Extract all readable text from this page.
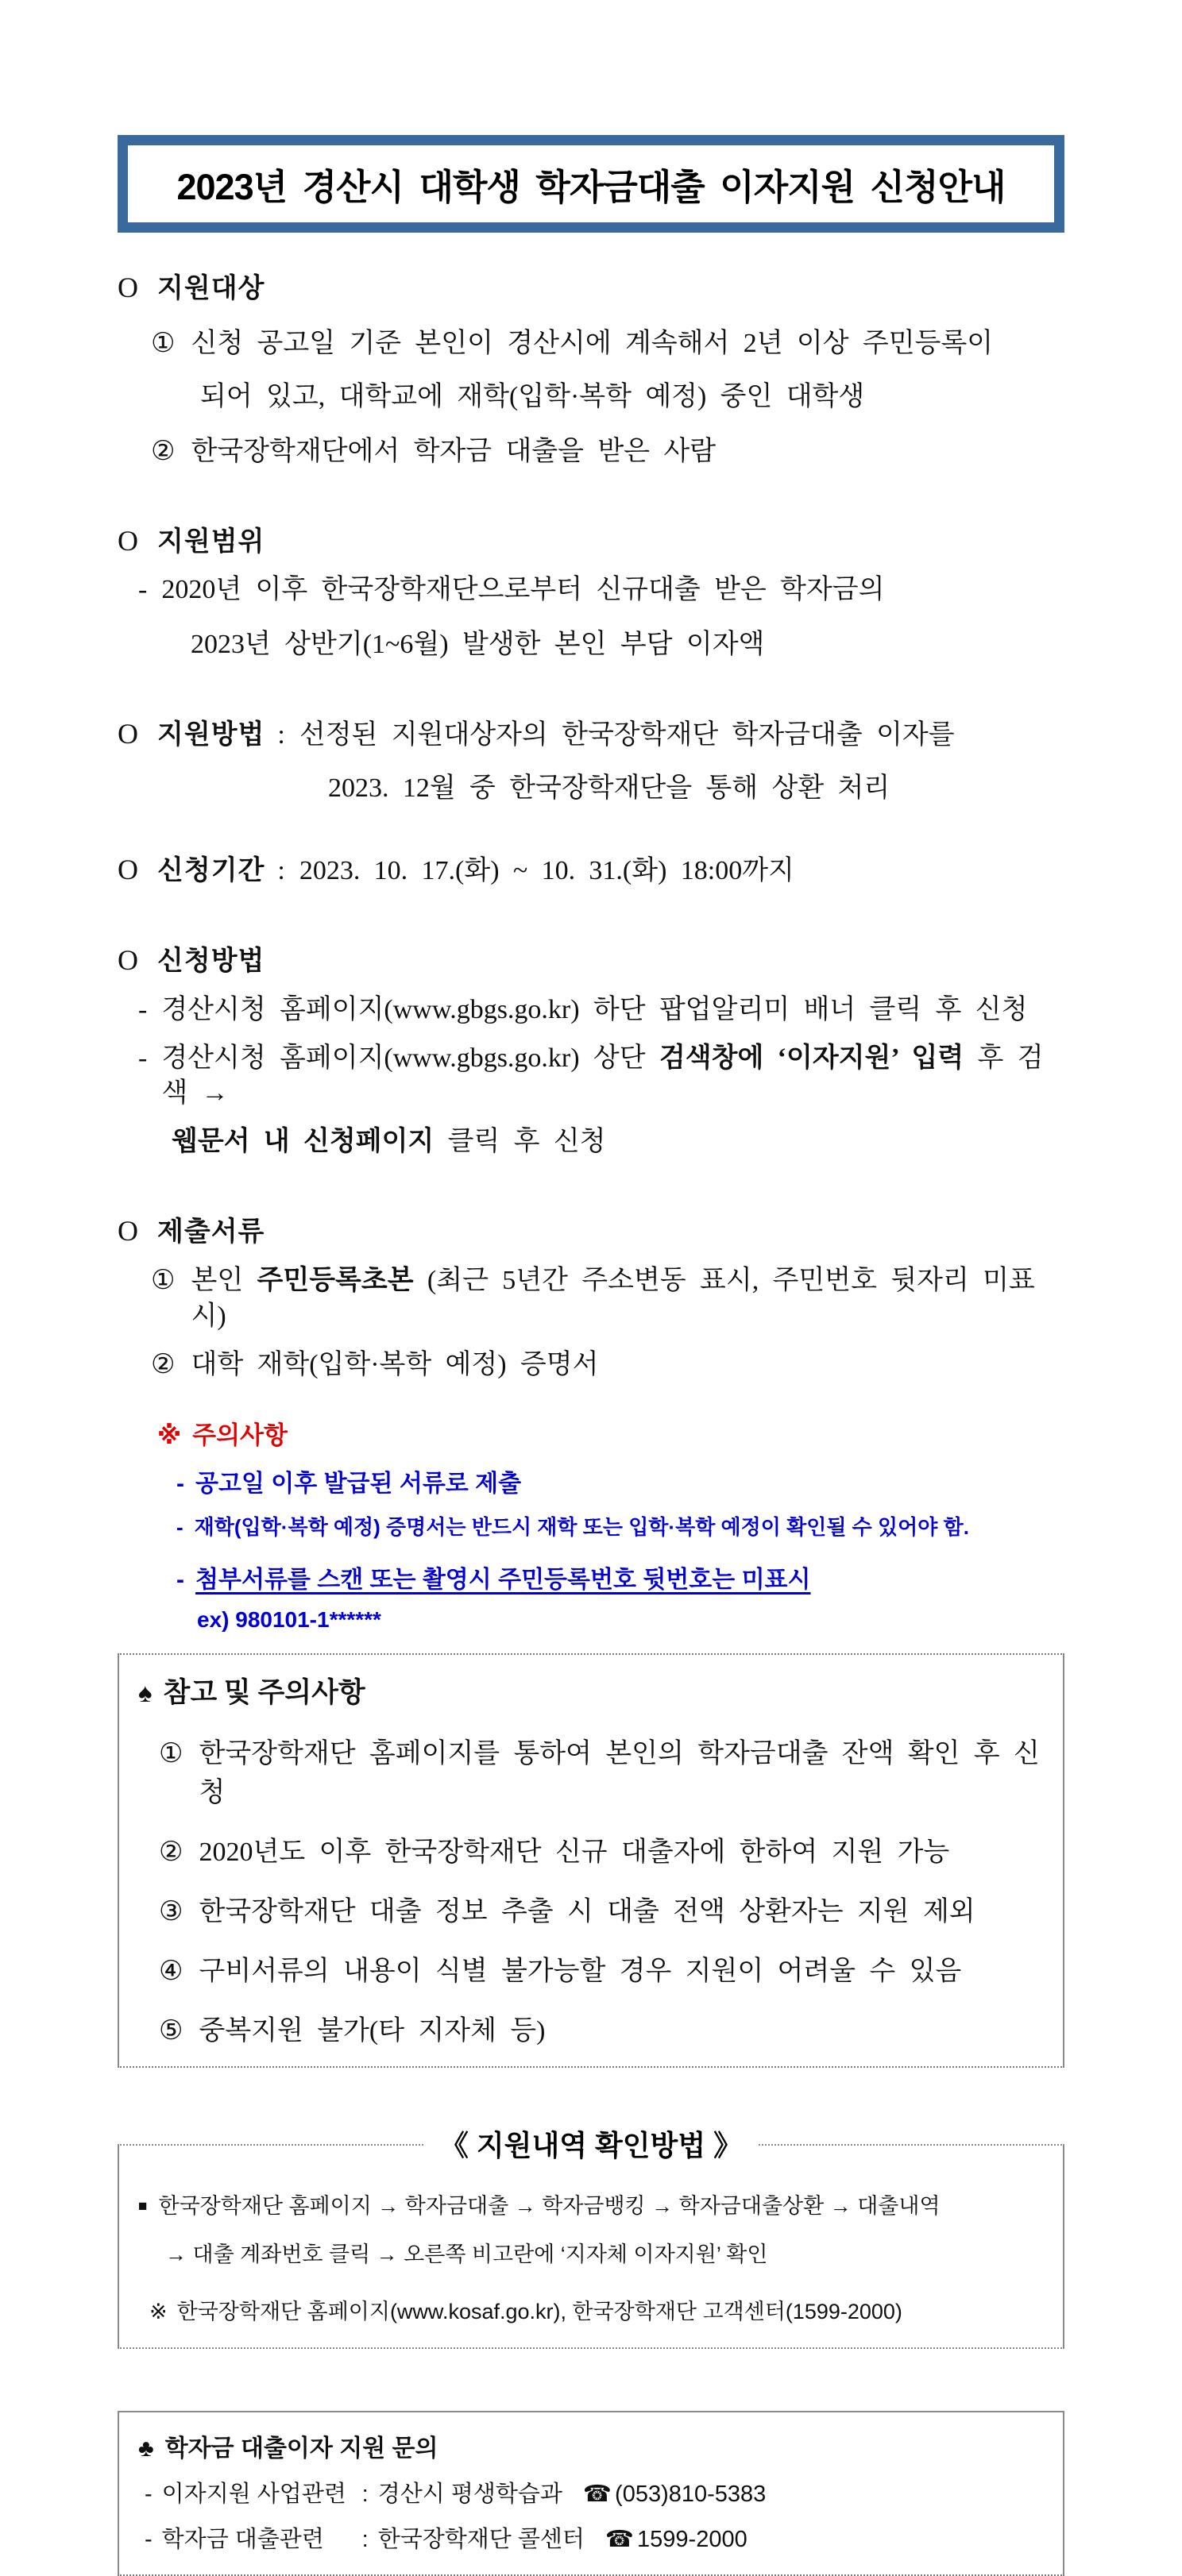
2023년 경산시 대학생 학자금대출 이자지원 신청안내
O 지원대상
① 신청 공고일 기준 본인이 경산시에 계속해서 2년 이상 주민등록이
되어 있고, 대학교에 재학(입학·복학 예정) 중인 대학생
② 한국장학재단에서 학자금 대출을 받은 사람
O 지원범위
- 2020년 이후 한국장학재단으로부터 신규대출 받은 학자금의
2023년 상반기(1~6월) 발생한 본인 부담 이자액
O 지원방법 : 선정된 지원대상자의 한국장학재단 학자금대출 이자를
2023. 12월 중 한국장학재단을 통해 상환 처리
O 신청기간 : 2023. 10. 17.(화) ~ 10. 31.(화) 18:00까지
O 신청방법
- 경산시청 홈페이지(www.gbgs.go.kr) 하단 팝업알리미 배너 클릭 후 신청
- 경산시청 홈페이지(www.gbgs.go.kr) 상단 검색창에 ‘이자지원’ 입력 후 검색 →
웹문서 내 신청페이지 클릭 후 신청
O 제출서류
① 본인 주민등록초본 (최근 5년간 주소변동 표시, 주민번호 뒷자리 미표시)
② 대학 재학(입학·복학 예정) 증명서
※ 주의사항
- 공고일 이후 발급된 서류로 제출
- 재학(입학·복학 예정) 증명서는 반드시 재학 또는 입학·복학 예정이 확인될 수 있어야 함.
- 첨부서류를 스캔 또는 촬영시 주민등록번호 뒷번호는 미표시
ex) 980101-1******
♠ 참고 및 주의사항
① 한국장학재단 홈페이지를 통하여 본인의 학자금대출 잔액 확인 후 신청
② 2020년도 이후 한국장학재단 신규 대출자에 한하여 지원 가능
③ 한국장학재단 대출 정보 추출 시 대출 전액 상환자는 지원 제외
④ 구비서류의 내용이 식별 불가능할 경우 지원이 어려울 수 있음
⑤ 중복지원 불가(타 지자체 등)
《 지원내역 확인방법 》
■ 한국장학재단 홈페이지 → 학자금대출 → 학자금뱅킹 → 학자금대출상환 → 대출내역
→ 대출 계좌번호 클릭 → 오른쪽 비고란에 ‘지자체 이자지원’ 확인
※ 한국장학재단 홈페이지(www.kosaf.go.kr), 한국장학재단 고객센터(1599-2000)
♣ 학자금 대출이자 지원 문의
- 이자지원 사업관련 : 경산시 평생학습과 ☎ (053)810-5383
- 학자금 대출관련	: 한국장학재단 콜센터 ☎ 1599-2000
